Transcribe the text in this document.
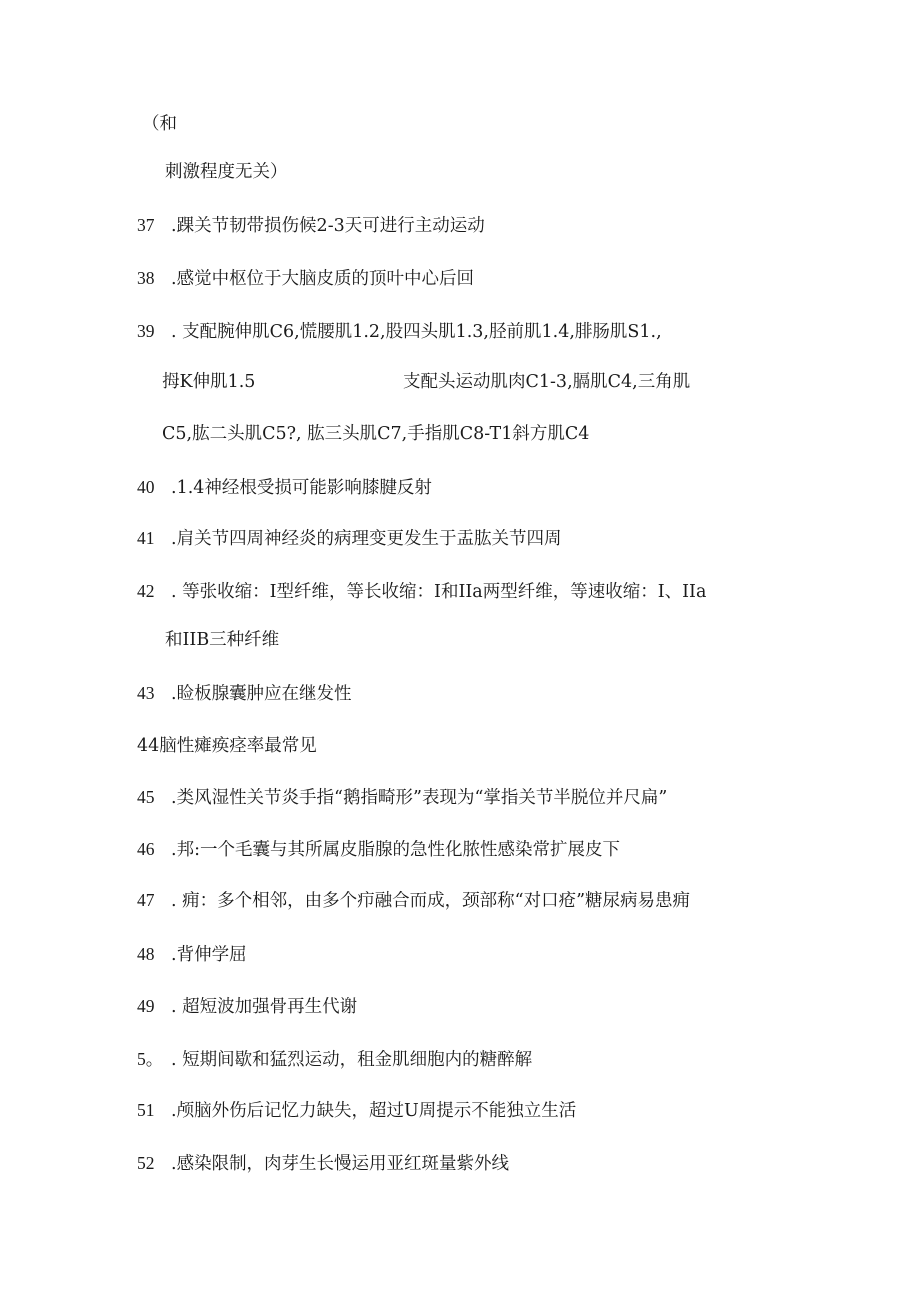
（和
刺激程度无关）
37 .踝关节韧带损伤候2-3天可进行主动运动
38 .感觉中枢位于大脑皮质的顶叶中心后回
39 . 支配腕伸肌C6,慌腰肌1.2,股四头肌1.3,胫前肌1.4,腓肠肌S1.,
拇K伸肌1.5	支配头运动肌肉C1-3,膈肌C4,三角肌
C5,肱二头肌C5?, 肱三头肌C7,手指肌C8-T1斜方肌C4
40 .1.4神经根受损可能影响膝腱反射
41 .肩关节四周神经炎的病理变更发生于盂肱关节四周
42 . 等张收缩：I型纤维，等长收缩：I和IIa两型纤维，等速收缩：I、IIa
和IIB三种纤维
43 .睑板腺囊肿应在继发性
44脑性瘫痪痉率最常见
45 .类风湿性关节炎手指“鹅指畸形”表现为“掌指关节半脱位并尺扁”
46 .邦:一个毛囊与其所属皮脂腺的急性化脓性感染常扩展皮下
47 . 痈：多个相邻，由多个疖融合而成，颈部称“对口疮”糖尿病易患痈
48 .背伸学屈
49 . 超短波加强骨再生代谢
5。 . 短期间歇和猛烈运动，租金肌细胞内的糖醉解
51 .颅脑外伤后记忆力缺失，超过U周提示不能独立生活
52 .感染限制，肉芽生长慢运用亚红斑量紫外线
